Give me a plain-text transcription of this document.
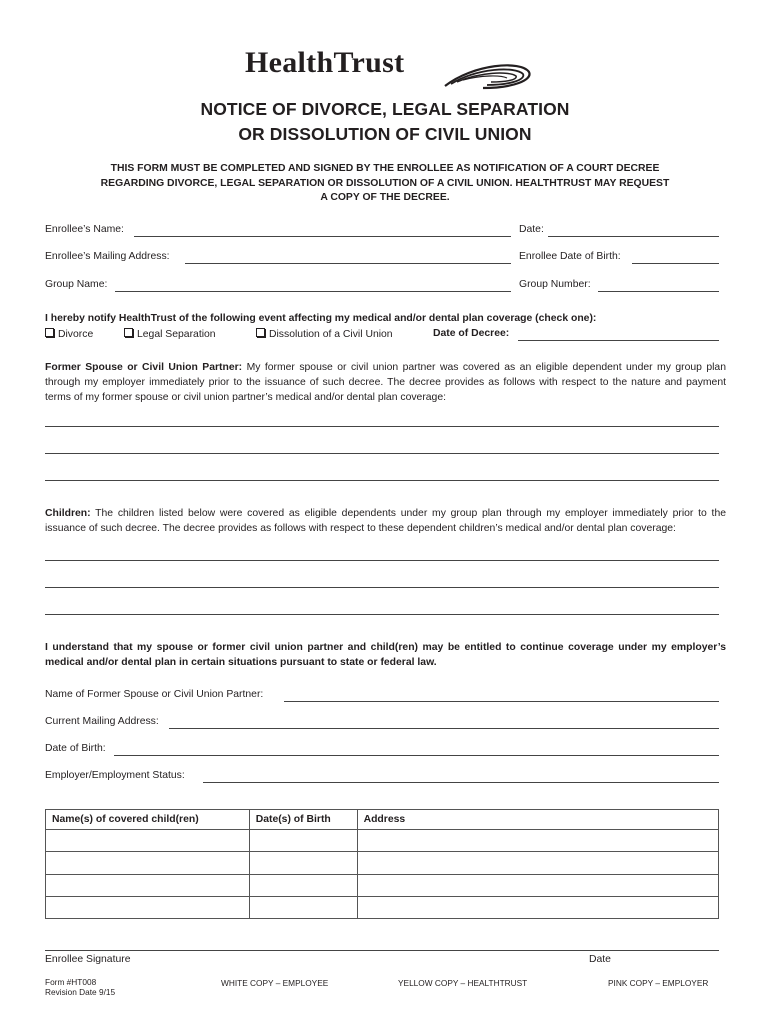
HealthTrust
NOTICE OF DIVORCE, LEGAL SEPARATION
OR DISSOLUTION OF CIVIL UNION
THIS FORM MUST BE COMPLETED AND SIGNED BY THE ENROLLEE AS NOTIFICATION OF A COURT DECREE
REGARDING DIVORCE, LEGAL SEPARATION OR DISSOLUTION OF A CIVIL UNION. HEALTHTRUST MAY REQUEST
A COPY OF THE DECREE.
Enrollee’s Name:	Date:
Enrollee’s Mailing Address:	Enrollee Date of Birth:
Group Name:	Group Number:
I hereby notify HealthTrust of the following event affecting my medical and/or dental plan coverage (check one):
Divorce	Legal Separation	Dissolution of a Civil Union	Date of Decree:
Former Spouse or Civil Union Partner: My former spouse or civil union partner was covered as an eligible dependent under my group plan through my employer immediately prior to the issuance of such decree. The decree provides as follows with respect to the nature and payment terms of my former spouse or civil union partner’s medical and/or dental plan coverage:
Children: The children listed below were covered as eligible dependents under my group plan through my employer immediately prior to the issuance of such decree. The decree provides as follows with respect to these dependent children’s medical and/or dental plan coverage:
I understand that my spouse or former civil union partner and child(ren) may be entitled to continue coverage under my employer’s medical and/or dental plan in certain situations pursuant to state or federal law.
Name of Former Spouse or Civil Union Partner:
Current Mailing Address:
Date of Birth:
Employer/Employment Status:
Name(s) of covered child(ren)	Date(s) of Birth	Address

Enrollee Signature	Date
Form #HT008
Revision Date 9/15
WHITE COPY – EMPLOYEE	YELLOW COPY – HEALTHTRUST	PINK COPY – EMPLOYER
